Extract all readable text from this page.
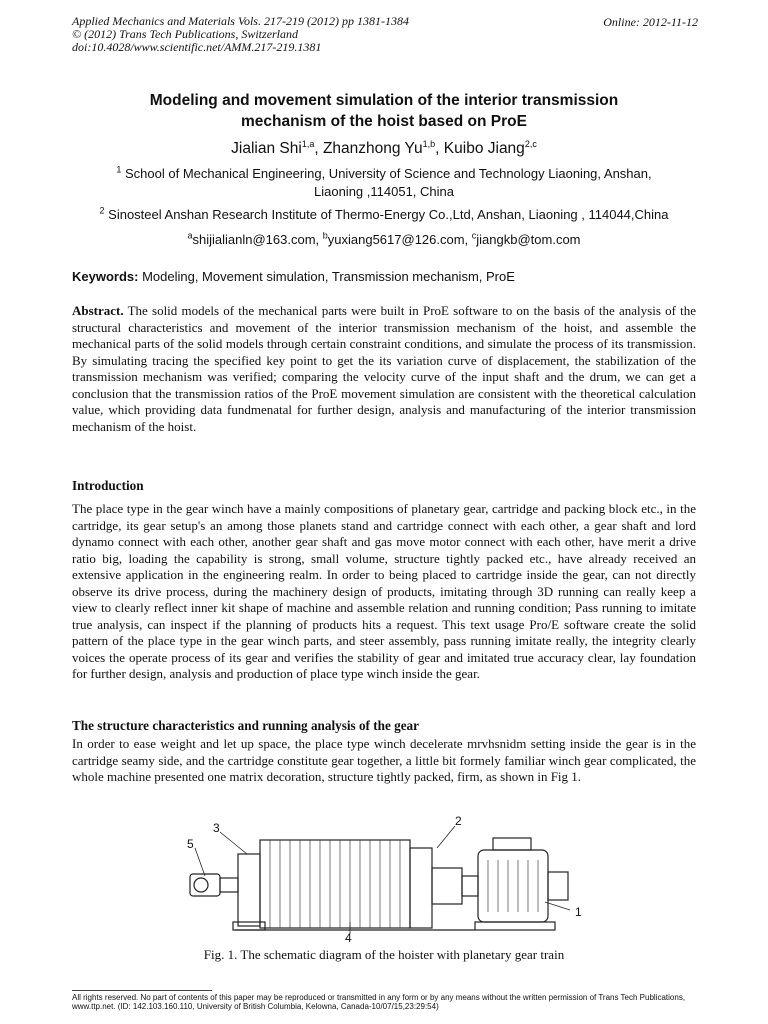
Applied Mechanics and Materials Vols. 217-219 (2012) pp 1381-1384
© (2012) Trans Tech Publications, Switzerland
doi:10.4028/www.scientific.net/AMM.217-219.1381
Online: 2012-11-12
Modeling and movement simulation of the interior transmission
mechanism of the hoist based on ProE
Jialian Shi$^{1,a}$, Zhanzhong Yu$^{1,b}$, Kuibo Jiang$^{2,c}$
$^1$ School of Mechanical Engineering, University of Science and Technology Liaoning, Anshan,
Liaoning ,114051, China
$^2$ Sinosteel Anshan Research Institute of Thermo-Energy Co.,Ltd, Anshan, Liaoning , 114044,China
$^a$shijialianln@163.com, $^b$yuxiang5617@126.com, $^c$jiangkb@tom.com
Keywords: Modeling, Movement simulation, Transmission mechanism, ProE
Abstract. The solid models of the mechanical parts were built in ProE software to on the basis of the analysis of the structural characteristics and movement of the interior transmission mechanism of the hoist, and assemble the mechanical parts of the solid models through certain constraint conditions, and simulate the process of its transmission. By simulating tracing the specified key point to get the its variation curve of displacement, the stabilization of the transmission mechanism was verified; comparing the velocity curve of the input shaft and the drum, we can get a conclusion that the transmission ratios of the ProE movement simulation are consistent with the theoretical calculation value, which providing data fundmenatal for further design, analysis and manufacturing of the interior transmission mechanism of the hoist.
Introduction
The place type in the gear winch have a mainly compositions of planetary gear, cartridge and packing block etc., in the cartridge, its gear setup's an among those planets stand and cartridge connect with each other, a gear shaft and lord dynamo connect with each other, another gear shaft and gas move motor connect with each other, have merit a drive ratio big, loading the capability is strong, small volume, structure tightly packed etc., have already received an extensive application in the engineering realm. In order to being placed to cartridge inside the gear, can not directly observe its drive process, during the machinery design of products, imitating through 3D running can really keep a view to clearly reflect inner kit shape of machine and assemble relation and running condition; Pass running to imitate true analysis, can inspect if the planning of products hits a request. This text usage Pro/E software create the solid pattern of the place type in the gear winch parts, and steer assembly, pass running imitate really, the integrity clearly voices the operate process of its gear and verifies the stability of gear and imitated true accuracy clear, lay foundation for further design, analysis and production of place type winch inside the gear.
The structure characteristics and running analysis of the gear
In order to ease weight and let up space, the place type winch decelerate mrvhsnidm setting inside the gear is in the cartridge seamy side, and the cartridge constitute gear together, a little bit formely familiar winch gear complicated, the whole machine presented one matrix decoration, structure tightly packed, firm, as shown in Fig 1.
1
2
3
4
5
Fig. 1. The schematic diagram of the hoister with planetary gear train
All rights reserved. No part of contents of this paper may be reproduced or transmitted in any form or by any means without the written permission of Trans Tech Publications, www.ttp.net. (ID: 142.103.160.110, University of British Columbia, Kelowna, Canada-10/07/15,23:29:54)
